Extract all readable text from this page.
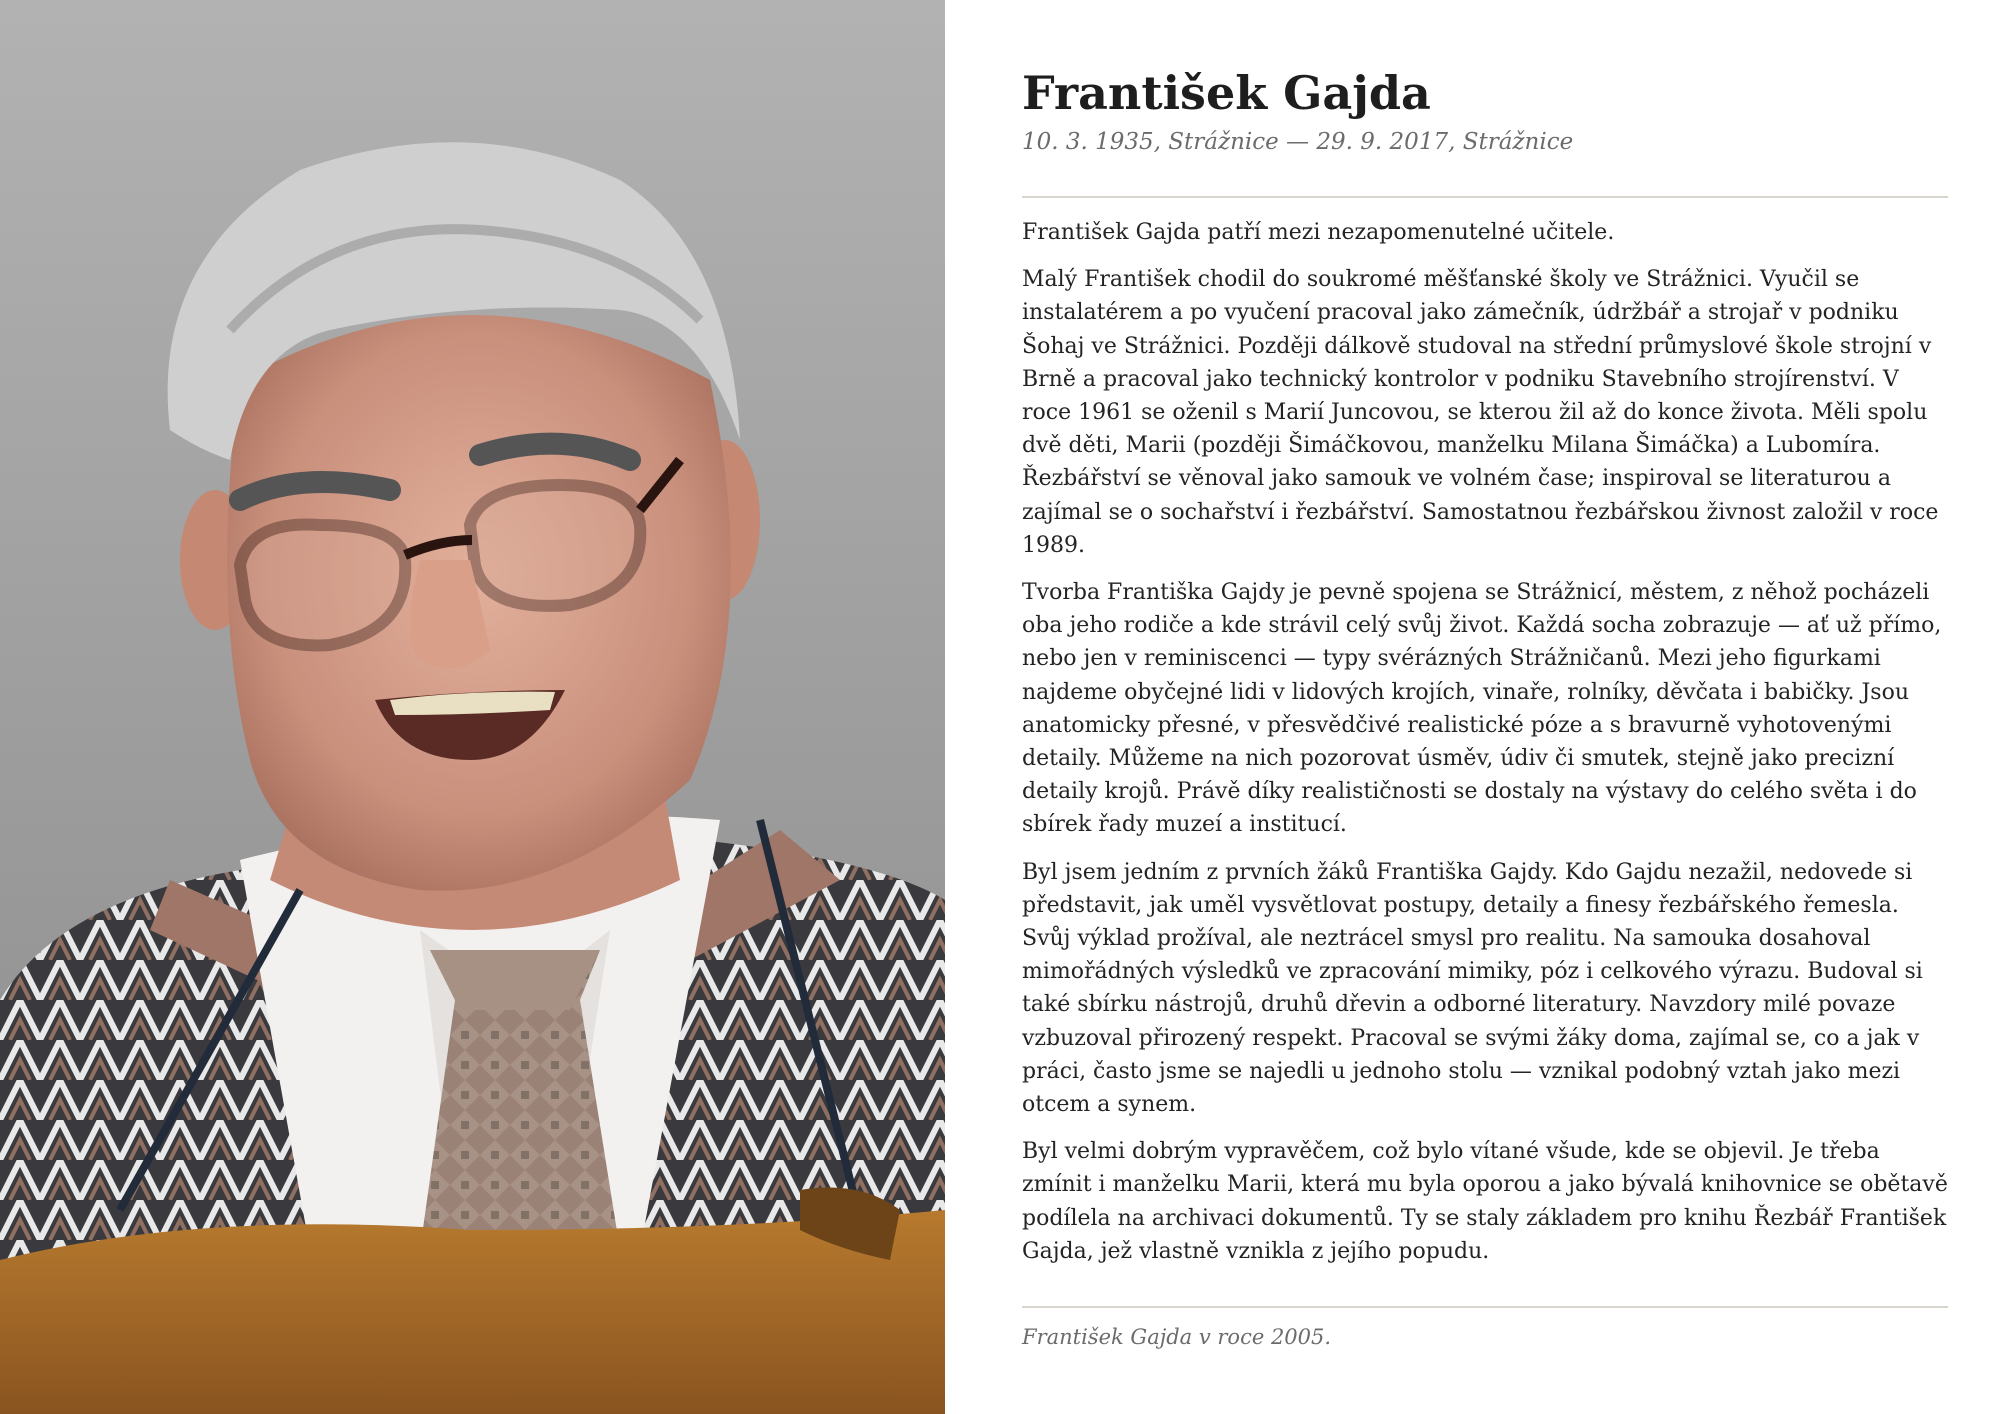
František Gajda
10. 3. 1935, Strážnice — 29. 9. 2017, Strážnice

František Gajda patří mezi nezapomenutelné učitele.

Malý František chodil do soukromé měšťanské školy ve Strážnici. Vyučil se instalatérem a po vyučení pracoval jako zámečník, údržbář a strojař v podniku Šohaj ve Strážnici. Později dálkově studoval na střední průmyslové škole strojní v Brně a pracoval jako technický kontrolor v podniku Stavebního strojírenství. V roce 1961 se oženil s Marií Juncovou, se kterou žil až do konce života. Měli spolu dvě děti, Marii (později Šimáčkovou, manželku Milana Šimáčka) a Lubomíra. Řezbářství se věnoval jako samouk ve volném čase; inspiroval se literaturou a zajímal se o sochařství i řezbářství. Samostatnou řezbářskou živnost založil v roce 1989.

Tvorba Františka Gajdy je pevně spojena se Strážnicí, městem, z něhož pocházeli oba jeho rodiče a kde strávil celý svůj život. Každá socha zobrazuje — ať už přímo, nebo jen v reminiscenci — typy svérázných Strážničanů. Mezi jeho figurkami najdeme obyčejné lidi v lidových krojích, vinaře, rolníky, děvčata i babičky. Jsou anatomicky přesné, v přesvědčivé realistické póze a s bravurně vyhotovenými detaily. Můžeme na nich pozorovat úsměv, údiv či smutek, stejně jako precizní detaily krojů. Právě díky realističnosti se dostaly na výstavy do celého světa i do sbírek řady muzeí a institucí.

Byl jsem jedním z prvních žáků Františka Gajdy. Kdo Gajdu nezažil, nedovede si představit, jak uměl vysvětlovat postupy, detaily a finesy řezbářského řemesla. Svůj výklad prožíval, ale neztrácel smysl pro realitu. Na samouka dosahoval mimořádných výsledků ve zpracování mimiky, póz i celkového výrazu. Budoval si také sbírku nástrojů, druhů dřevin a odborné literatury. Navzdory milé povaze vzbuzoval přirozený respekt. Pracoval se svými žáky doma, zajímal se, co a jak v práci, často jsme se najedli u jednoho stolu — vznikal podobný vztah jako mezi otcem a synem.

Byl velmi dobrým vypravěčem, což bylo vítané všude, kde se objevil. Je třeba zmínit i manželku Marii, která mu byla oporou a jako bývalá knihovnice se obětavě podílela na archivaci dokumentů. Ty se staly základem pro knihu Řezbář František Gajda, jež vlastně vznikla z jejího popudu.

František Gajda v roce 2005.
